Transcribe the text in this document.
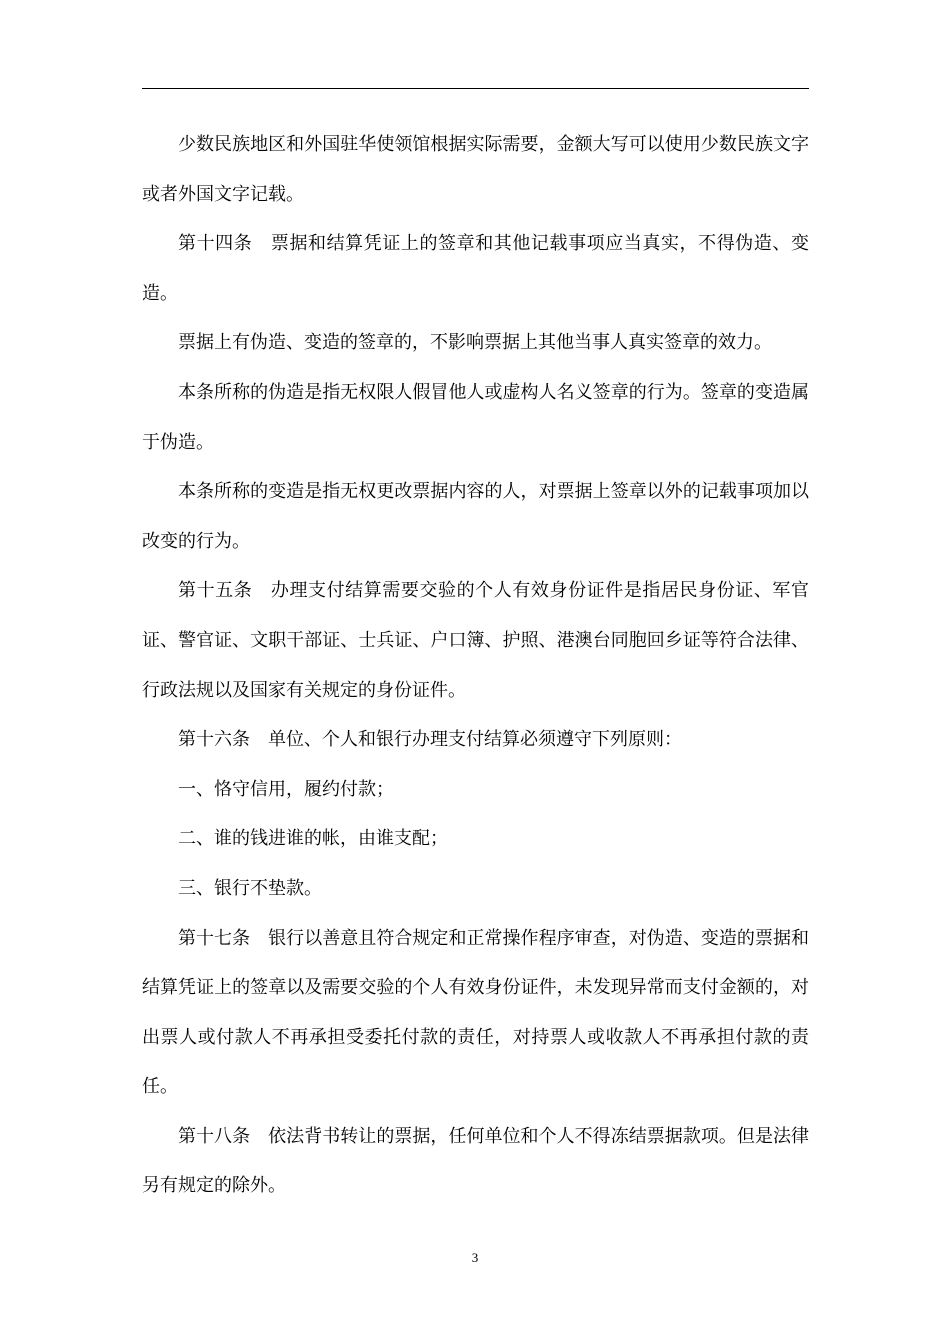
少数民族地区和外国驻华使领馆根据实际需要，金额大写可以使用少数民族文字或者外国文字记载。

第十四条　票据和结算凭证上的签章和其他记载事项应当真实，不得伪造、变造。

票据上有伪造、变造的签章的，不影响票据上其他当事人真实签章的效力。

本条所称的伪造是指无权限人假冒他人或虚构人名义签章的行为。签章的变造属于伪造。

本条所称的变造是指无权更改票据内容的人，对票据上签章以外的记载事项加以改变的行为。

第十五条　办理支付结算需要交验的个人有效身份证件是指居民身份证、军官证、警官证、文职干部证、士兵证、户口簿、护照、港澳台同胞回乡证等符合法律、行政法规以及国家有关规定的身份证件。

第十六条　单位、个人和银行办理支付结算必须遵守下列原则：

一、恪守信用，履约付款；

二、谁的钱进谁的帐，由谁支配；

三、银行不垫款。

第十七条　银行以善意且符合规定和正常操作程序审查，对伪造、变造的票据和结算凭证上的签章以及需要交验的个人有效身份证件，未发现异常而支付金额的，对出票人或付款人不再承担受委托付款的责任，对持票人或收款人不再承担付款的责任。

第十八条　依法背书转让的票据，任何单位和个人不得冻结票据款项。但是法律另有规定的除外。

3
